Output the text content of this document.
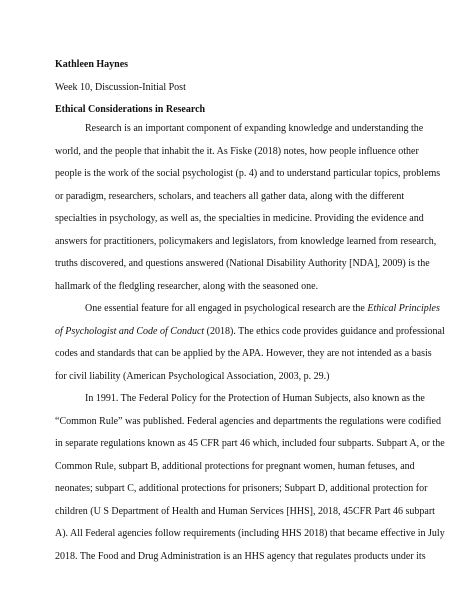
Kathleen Haynes

Week 10, Discussion-Initial Post

Ethical Considerations in Research

Research is an important component of expanding knowledge and understanding the
world, and the people that inhabit the it. As Fiske (2018) notes, how people influence other
people is the work of the social psychologist (p. 4) and to understand particular topics, problems
or paradigm, researchers, scholars, and teachers all gather data, along with the different
specialties in psychology, as well as, the specialties in medicine. Providing the evidence and
answers for practitioners, policymakers and legislators, from knowledge learned from research,
truths discovered, and questions answered (National Disability Authority [NDA], 2009) is the
hallmark of the fledgling researcher, along with the seasoned one.
One essential feature for all engaged in psychological research are the Ethical Principles
of Psychologist and Code of Conduct (2018). The ethics code provides guidance and professional
codes and standards that can be applied by the APA. However, they are not intended as a basis
for civil liability (American Psychological Association, 2003, p. 29.)
In 1991. The Federal Policy for the Protection of Human Subjects, also known as the
“Common Rule” was published. Federal agencies and departments the regulations were codified
in separate regulations known as 45 CFR part 46 which, included four subparts. Subpart A, or the
Common Rule, subpart B, additional protections for pregnant women, human fetuses, and
neonates; subpart C, additional protections for prisoners; Subpart D, additional protection for
children (U S Department of Health and Human Services [HHS], 2018, 45CFR Part 46 subpart
A). All Federal agencies follow requirements (including HHS 2018) that became effective in July
2018. The Food and Drug Administration is an HHS agency that regulates products under its
